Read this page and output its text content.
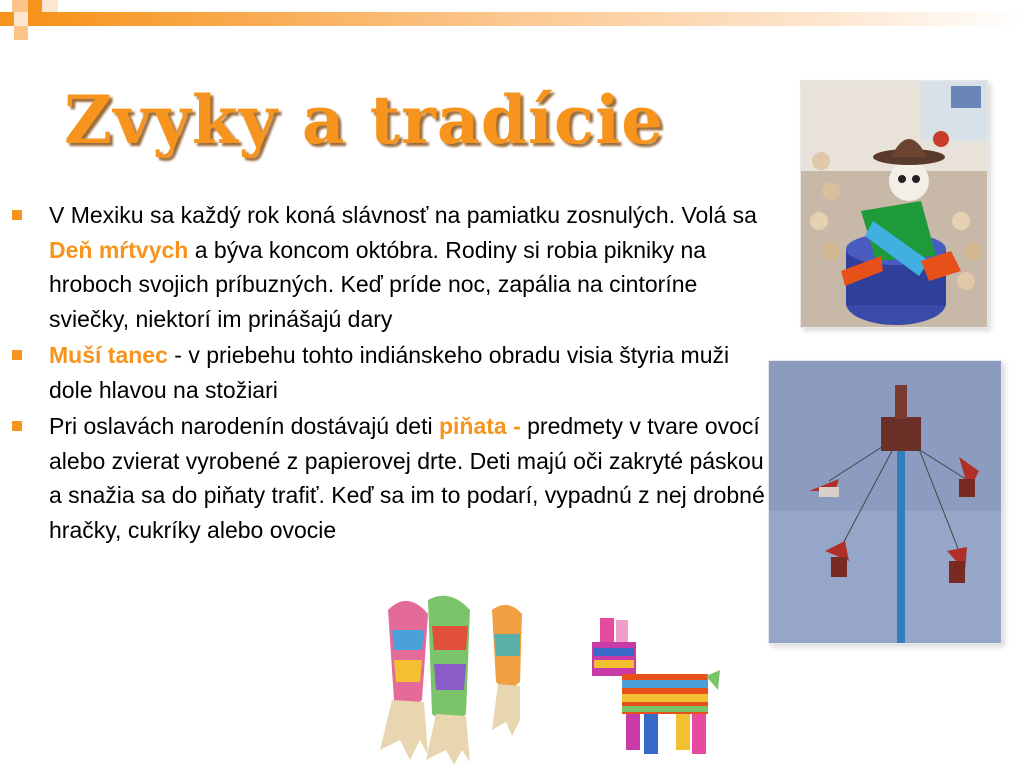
Zvyky a tradície
V Mexiku sa každý rok koná slávnosť na pamiatku zosnulých. Volá sa Deň mŕtvych a býva koncom októbra. Rodiny si robia pikniky na hroboch svojich príbuzných. Keď príde noc, zapália na cintoríne sviečky, niektorí im prinášajú dary
Muší tanec - v priebehu tohto indiánskeho obradu visia štyria muži dole hlavou na stožiari
Pri oslavách narodenín dostávajú deti piňata - predmety v tvare ovocí alebo zvierat vyrobené z papierovej drte. Deti majú oči zakryté páskou a snažia sa do piňaty trafiť. Keď sa im to podarí, vypadnú z nej drobné hračky, cukríky alebo ovocie
